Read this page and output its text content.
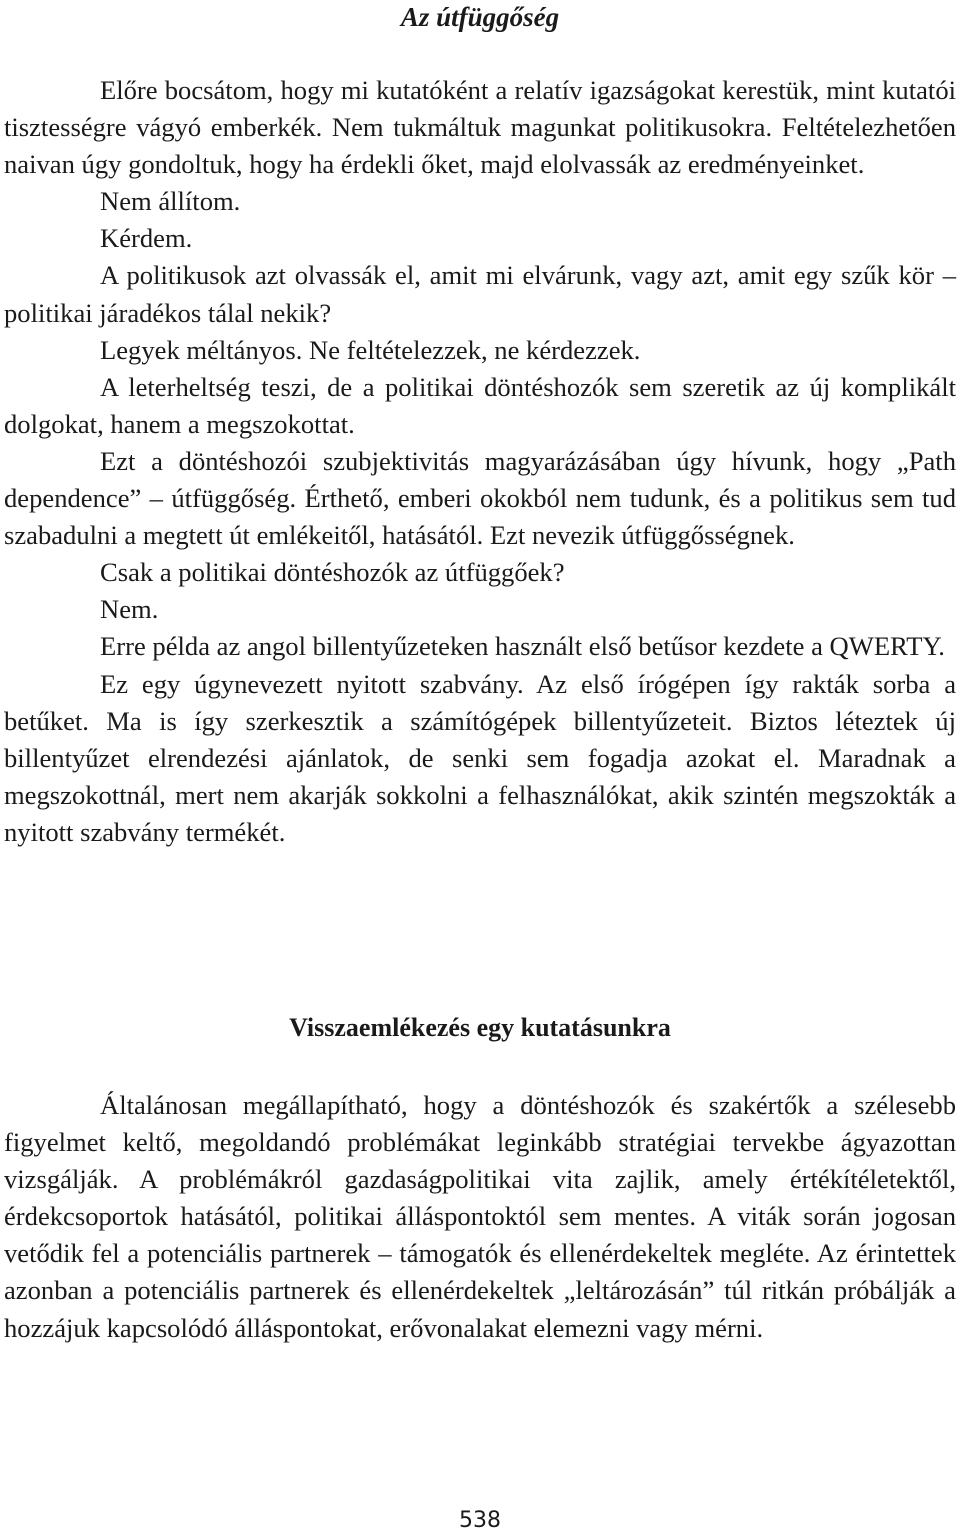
Az útfüggőség

Előre bocsátom, hogy mi kutatóként a relatív igazságokat kerestük, mint kutatói tisztességre vágyó emberkék. Nem tukmáltuk magunkat politikusokra. Feltételezhetően naivan úgy gondoltuk, hogy ha érdekli őket, majd elolvassák az eredményeinket.

Nem állítom.

Kérdem.

A politikusok azt olvassák el, amit mi elvárunk, vagy azt, amit egy szűk kör – politikai járadékos tálal nekik?

Legyek méltányos. Ne feltételezzek, ne kérdezzek.

A leterheltség teszi, de a politikai döntéshozók sem szeretik az új komplikált dolgokat, hanem a megszokottat.

Ezt a döntéshozói szubjektivitás magyarázásában úgy hívunk, hogy „Path dependence” – útfüggőség. Érthető, emberi okokból nem tudunk, és a politikus sem tud szabadulni a megtett út emlékeitől, hatásától. Ezt nevezik útfüggősségnek.

Csak a politikai döntéshozók az útfüggőek?

Nem.

Erre példa az angol billentyűzeteken használt első betűsor kezdete a QWERTY.

Ez egy úgynevezett nyitott szabvány. Az első írógépen így rakták sorba a betűket. Ma is így szerkesztik a számítógépek billentyűzeteit. Biztos léteztek új billentyűzet elrendezési ajánlatok, de senki sem fogadja azokat el. Maradnak a megszokottnál, mert nem akarják sokkolni a felhasználókat, akik szintén megszokták a nyitott szabvány termékét.

Visszaemlékezés egy kutatásunkra

Általánosan megállapítható, hogy a döntéshozók és szakértők a szélesebb figyelmet keltő, megoldandó problémákat leginkább stratégiai tervekbe ágyazottan vizsgálják. A problémákról gazdaságpolitikai vita zajlik, amely értékítéletektől, érdekcsoportok hatásától, politikai álláspontoktól sem mentes. A viták során jogosan vetődik fel a potenciális partnerek – támogatók és ellenérdekeltek megléte. Az érintettek azonban a potenciális partnerek és ellenérdekeltek „leltározásán” túl ritkán próbálják a hozzájuk kapcsolódó álláspontokat, erővonalakat elemezni vagy mérni.

538
